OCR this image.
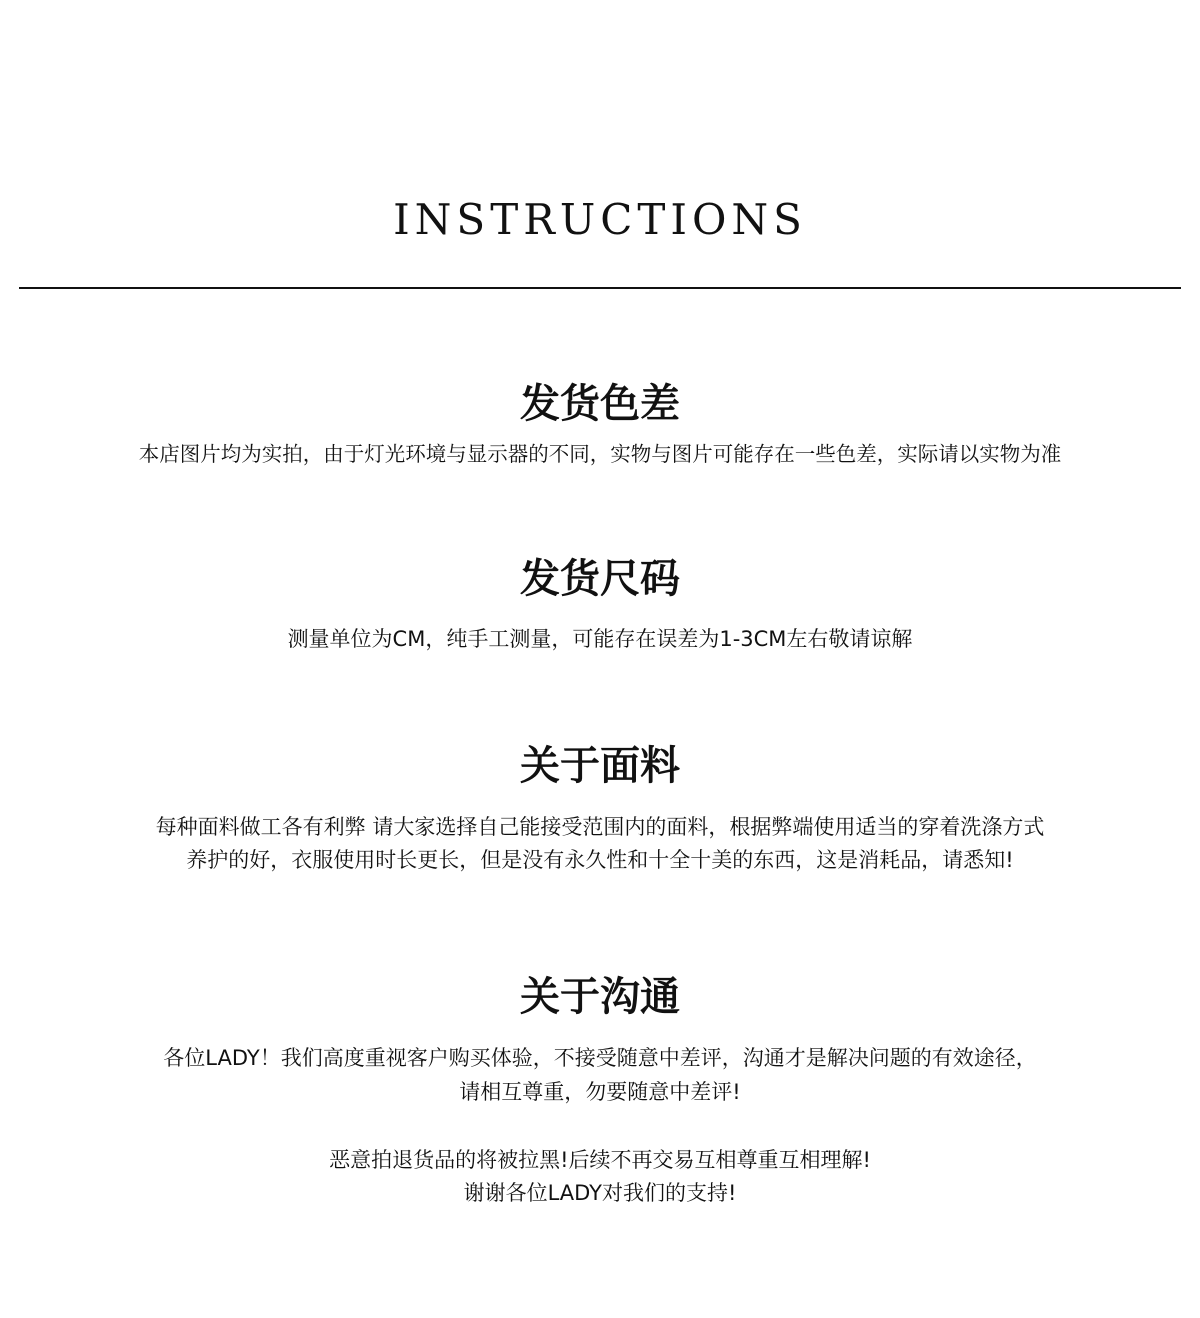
INSTRUCTIONS
发货色差
本店图片均为实拍，由于灯光环境与显示器的不同，实物与图片可能存在一些色差，实际请以实物为准
发货尺码
测量单位为CM，纯手工测量，可能存在误差为1-3CM左右敬请谅解
关于面料
每种面料做工各有利弊 请大家选择自己能接受范围内的面料，根据弊端使用适当的穿着洗涤方式
养护的好，衣服使用时长更长，但是没有永久性和十全十美的东西，这是消耗品，请悉知!
关于沟通
各位LADY！我们高度重视客户购买体验，不接受随意中差评，沟通才是解决问题的有效途径，
请相互尊重，勿要随意中差评!
恶意拍退货品的将被拉黑!后续不再交易互相尊重互相理解!
谢谢各位LADY对我们的支持!
